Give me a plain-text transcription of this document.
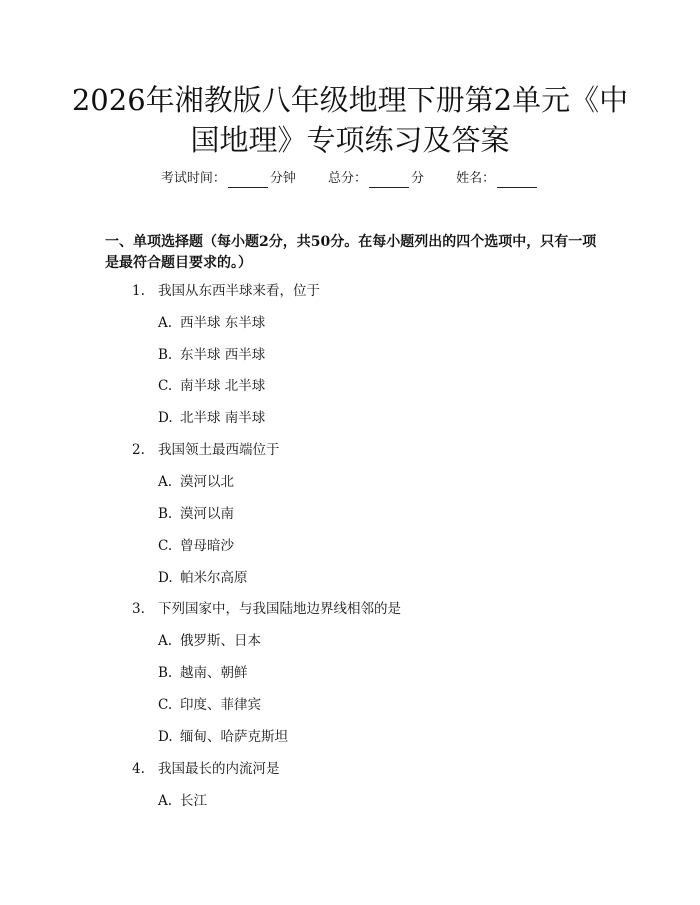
2026年湘教版八年级地理下册第2单元《中国地理》专项练习及答案
考试时间：	分钟 总分：	分 姓名：

一、单项选择题（每小题2分，共50分。在每小题列出的四个选项中，只有一项是最符合题目要求的。）

1. 我国从东西半球来看，位于
A. 西半球 东半球
B. 东半球 西半球
C. 南半球 北半球
D. 北半球 南半球
2. 我国领土最西端位于
A. 漠河以北
B. 漠河以南
C. 曾母暗沙
D. 帕米尔高原
3. 下列国家中，与我国陆地边界线相邻的是
A. 俄罗斯、日本
B. 越南、朝鲜
C. 印度、菲律宾
D. 缅甸、哈萨克斯坦
4. 我国最长的内流河是
A. 长江
